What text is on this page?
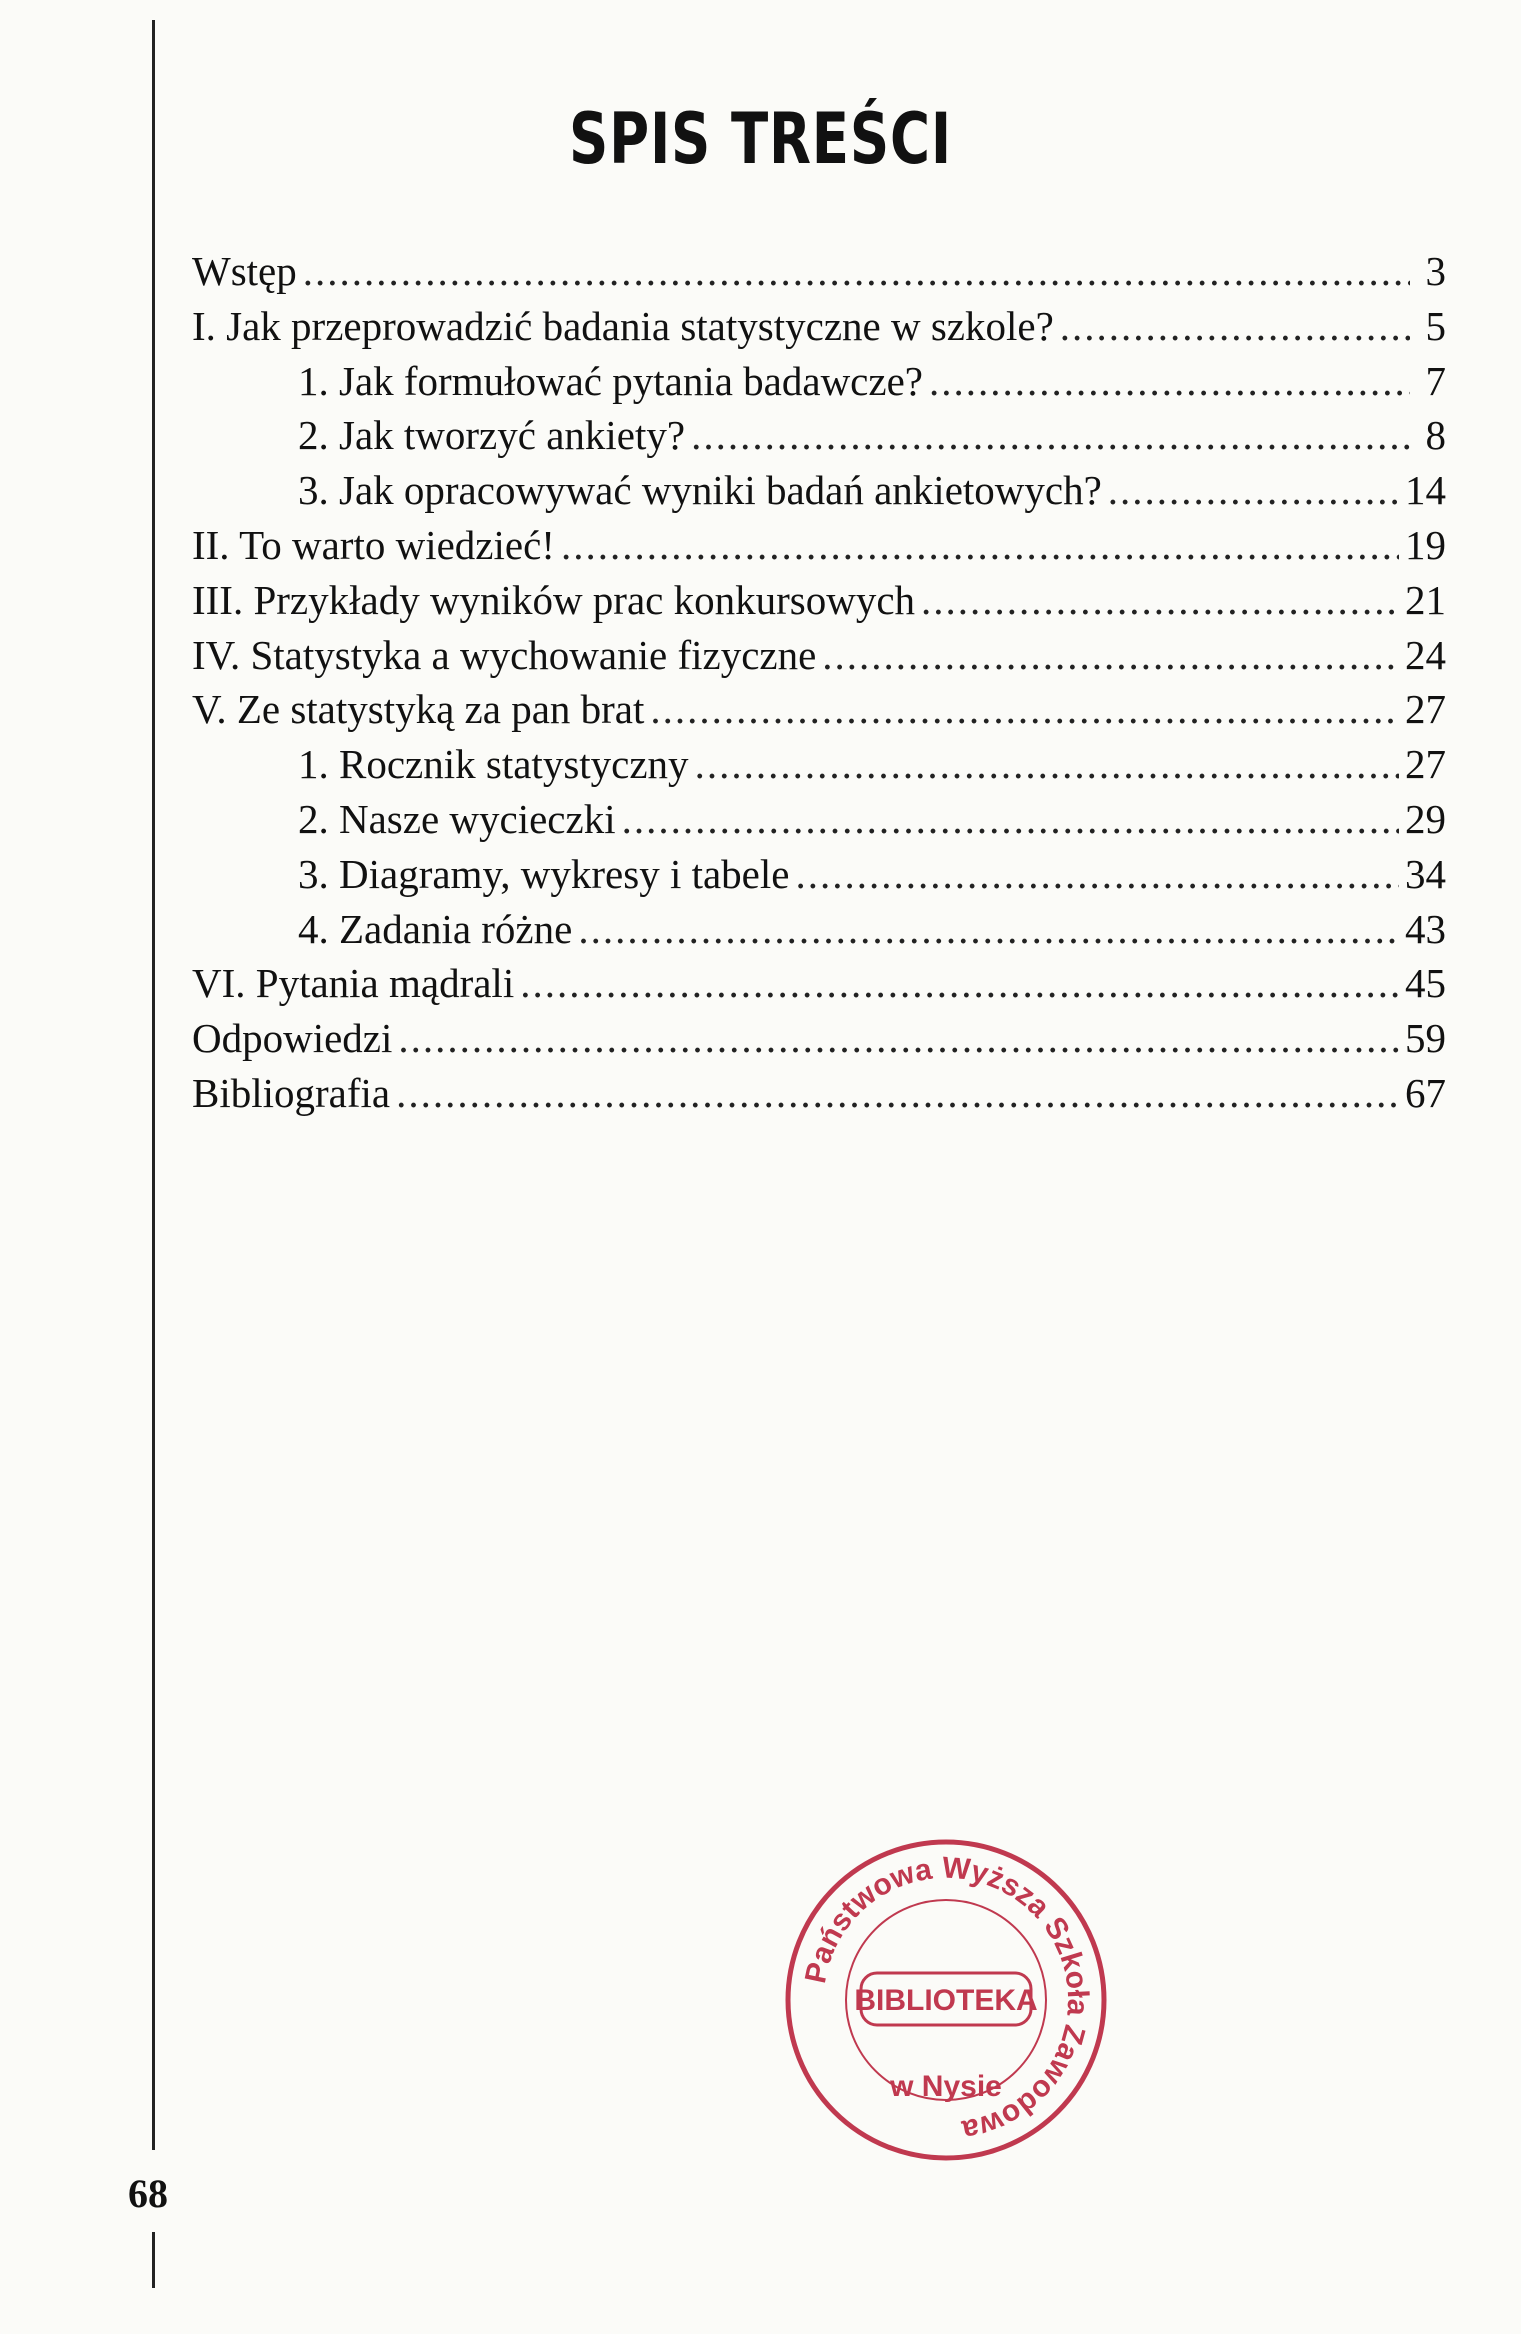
SPIS TREŚCI
Wstęp .....	3
I. Jak przeprowadzić badania statystyczne w szkole? .....	5
1. Jak formułować pytania badawcze? .....	7
2. Jak tworzyć ankiety? .....	8
3. Jak opracowywać wyniki badań ankietowych? .....	14
II. To warto wiedzieć! .....	19
III. Przykłady wyników prac konkursowych .....	21
IV. Statystyka a wychowanie fizyczne .....	24
V. Ze statystyką za pan brat .....	27
1. Rocznik statystyczny .....	27
2. Nasze wycieczki .....	29
3. Diagramy, wykresy i tabele .....	34
4. Zadania różne .....	43
VI. Pytania mądrali .....	45
Odpowiedzi .....	59
Bibliografia .....	67
68
Państwowa Wyższa Szkoła Zawodowa
BIBLIOTEKA
w Nysie
